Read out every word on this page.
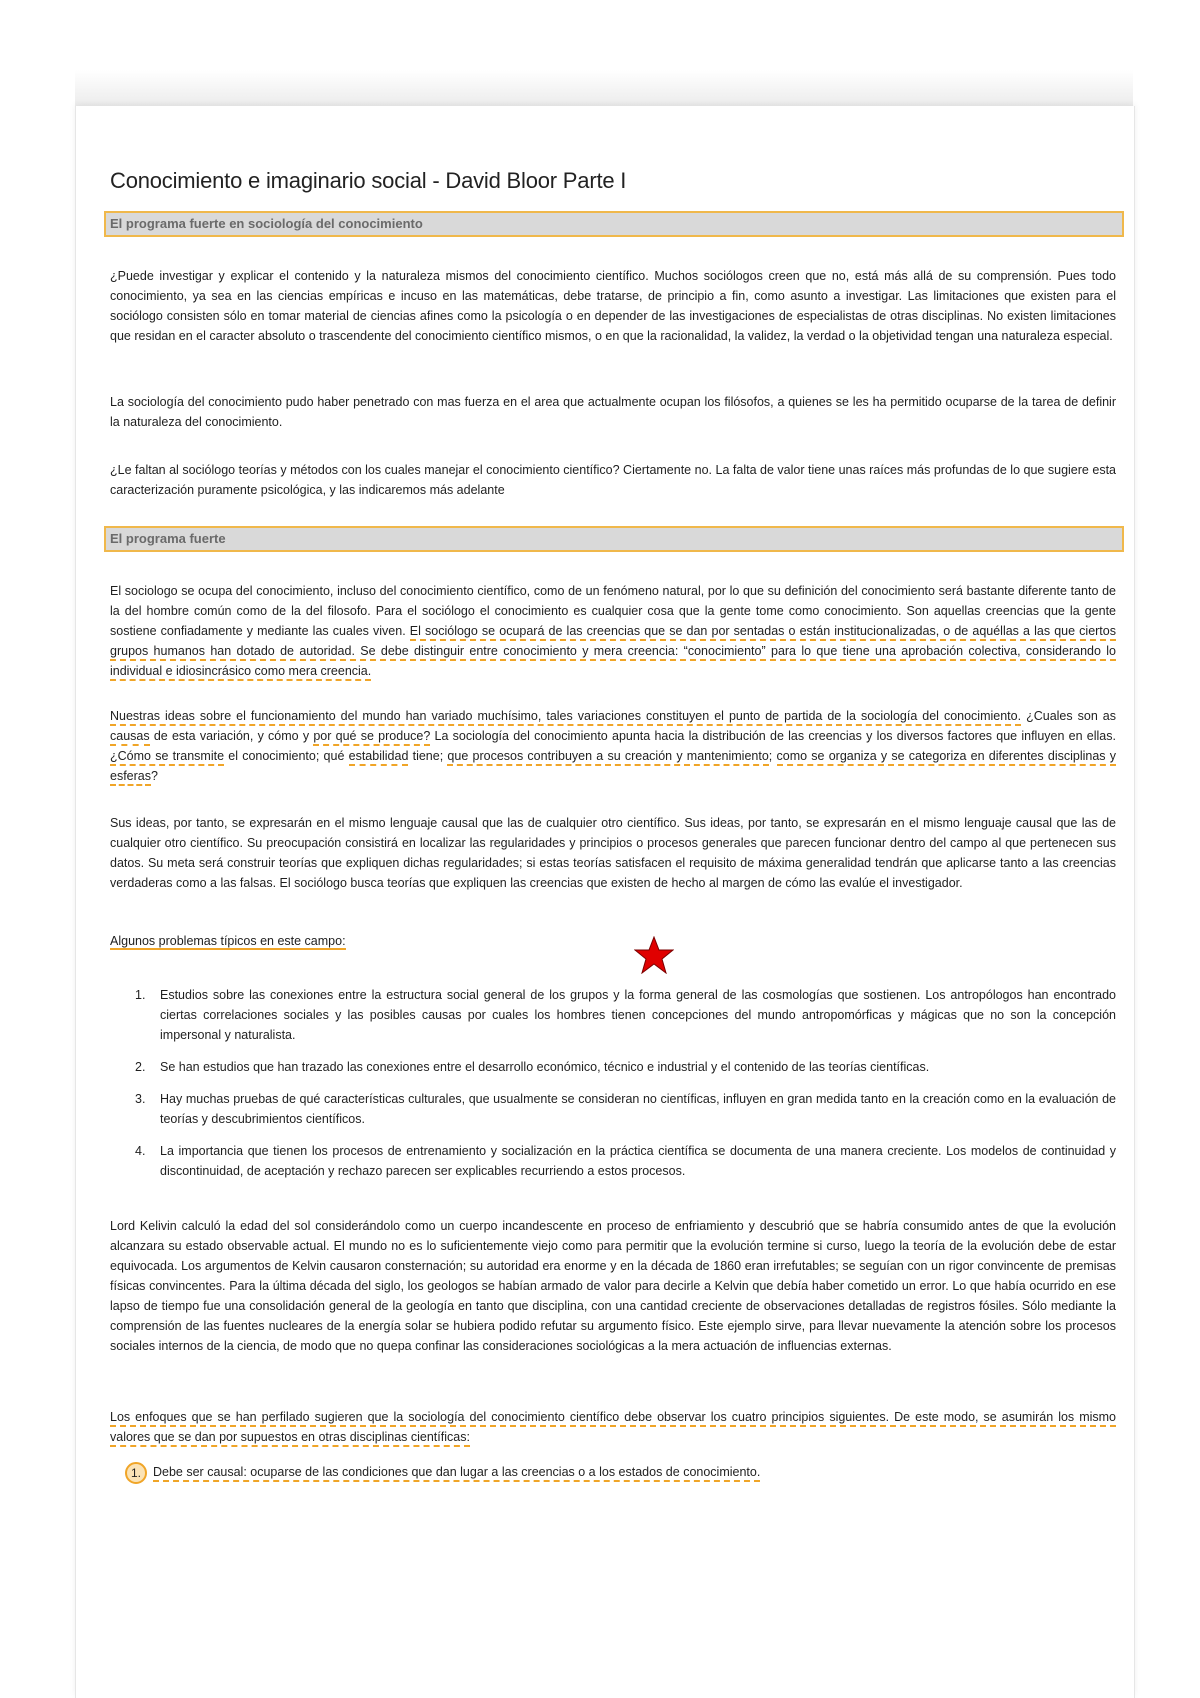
Conocimiento e imaginario social - David Bloor Parte I
El programa fuerte en sociología del conocimiento

¿Puede investigar y explicar el contenido y la naturaleza mismos del conocimiento científico. Muchos sociólogos creen que no, está más allá de su comprensión. Pues todo conocimiento, ya sea en las ciencias empíricas e incuso en las matemáticas, debe tratarse, de principio a fin, como asunto a investigar. Las limitaciones que existen para el sociólogo consisten sólo en tomar material de ciencias afines como la psicología o en depender de las investigaciones de especialistas de otras disciplinas. No existen limitaciones que residan en el caracter absoluto o trascendente del conocimiento científico mismos, o en que la racionalidad, la validez, la verdad o la objetividad tengan una naturaleza especial.

La sociología del conocimiento pudo haber penetrado con mas fuerza en el area que actualmente ocupan los filósofos, a quienes se les ha permitido ocuparse de la tarea de definir la naturaleza del conocimiento.

¿Le faltan al sociólogo teorías y métodos con los cuales manejar el conocimiento científico? Ciertamente no. La falta de valor tiene unas raíces más profundas de lo que sugiere esta caracterización puramente psicológica, y las indicaremos más adelante

El programa fuerte

El sociologo se ocupa del conocimiento, incluso del conocimiento científico, como de un fenómeno natural, por lo que su definición del conocimiento será bastante diferente tanto de la del hombre común como de la del filosofo. Para el sociólogo el conocimiento es cualquier cosa que la gente tome como conocimiento. Son aquellas creencias que la gente sostiene confiadamente y mediante las cuales viven. El sociólogo se ocupará de las creencias que se dan por sentadas o están institucionalizadas, o de aquéllas a las que ciertos grupos humanos han dotado de autoridad. Se debe distinguir entre conocimiento y mera creencia: “conocimiento” para lo que tiene una aprobación colectiva, considerando lo individual e idiosincrásico como mera creencia.

Nuestras ideas sobre el funcionamiento del mundo han variado muchísimo, tales variaciones constituyen el punto de partida de la sociología del conocimiento. ¿Cuales son as causas de esta variación, y cómo y por qué se produce? La sociología del conocimiento apunta hacia la distribución de las creencias y los diversos factores que influyen en ellas. ¿Cómo se transmite el conocimiento; qué estabilidad tiene; que procesos contribuyen a su creación y mantenimiento; como se organiza y se categoriza en diferentes disciplinas y esferas?

Sus ideas, por tanto, se expresarán en el mismo lenguaje causal que las de cualquier otro científico. Sus ideas, por tanto, se expresarán en el mismo lenguaje causal que las de cualquier otro científico. Su preocupación consistirá en localizar las regularidades y principios o procesos generales que parecen funcionar dentro del campo al que pertenecen sus datos. Su meta será construir teorías que expliquen dichas regularidades; si estas teorías satisfacen el requisito de máxima generalidad tendrán que aplicarse tanto a las creencias verdaderas como a las falsas. El sociólogo busca teorías que expliquen las creencias que existen de hecho al margen de cómo las evalúe el investigador.

Algunos problemas típicos en este campo:
1. Estudios sobre las conexiones entre la estructura social general de los grupos y la forma general de las cosmologías que sostienen. Los antropólogos han encontrado ciertas correlaciones sociales y las posibles causas por cuales los hombres tienen concepciones del mundo antropomórficas y mágicas que no son la concepción impersonal y naturalista.
2. Se han estudios que han trazado las conexiones entre el desarrollo económico, técnico e industrial y el contenido de las teorías científicas.
3. Hay muchas pruebas de qué características culturales, que usualmente se consideran no científicas, influyen en gran medida tanto en la creación como en la evaluación de teorías y descubrimientos científicos.
4. La importancia que tienen los procesos de entrenamiento y socialización en la práctica científica se documenta de una manera creciente. Los modelos de continuidad y discontinuidad, de aceptación y rechazo parecen ser explicables recurriendo a estos procesos.

Lord Kelivin calculó la edad del sol considerándolo como un cuerpo incandescente en proceso de enfriamiento y descubrió que se habría consumido antes de que la evolución alcanzara su estado observable actual. El mundo no es lo suficientemente viejo como para permitir que la evolución termine si curso, luego la teoría de la evolución debe de estar equivocada. Los argumentos de Kelvin causaron consternación; su autoridad era enorme y en la década de 1860 eran irrefutables; se seguían con un rigor convincente de premisas físicas convincentes. Para la última década del siglo, los geologos se habían armado de valor para decirle a Kelvin que debía haber cometido un error. Lo que había ocurrido en ese lapso de tiempo fue una consolidación general de la geología en tanto que disciplina, con una cantidad creciente de observaciones detalladas de registros fósiles. Sólo mediante la comprensión de las fuentes nucleares de la energía solar se hubiera podido refutar su argumento físico. Este ejemplo sirve, para llevar nuevamente la atención sobre los procesos sociales internos de la ciencia, de modo que no quepa confinar las consideraciones sociológicas a la mera actuación de influencias externas.

Los enfoques que se han perfilado sugieren que la sociología del conocimiento científico debe observar los cuatro principios siguientes. De este modo, se asumirán los mismo valores que se dan por supuestos en otras disciplinas científicas:

1. Debe ser causal: ocuparse de las condiciones que dan lugar a las creencias o a los estados de conocimiento.
